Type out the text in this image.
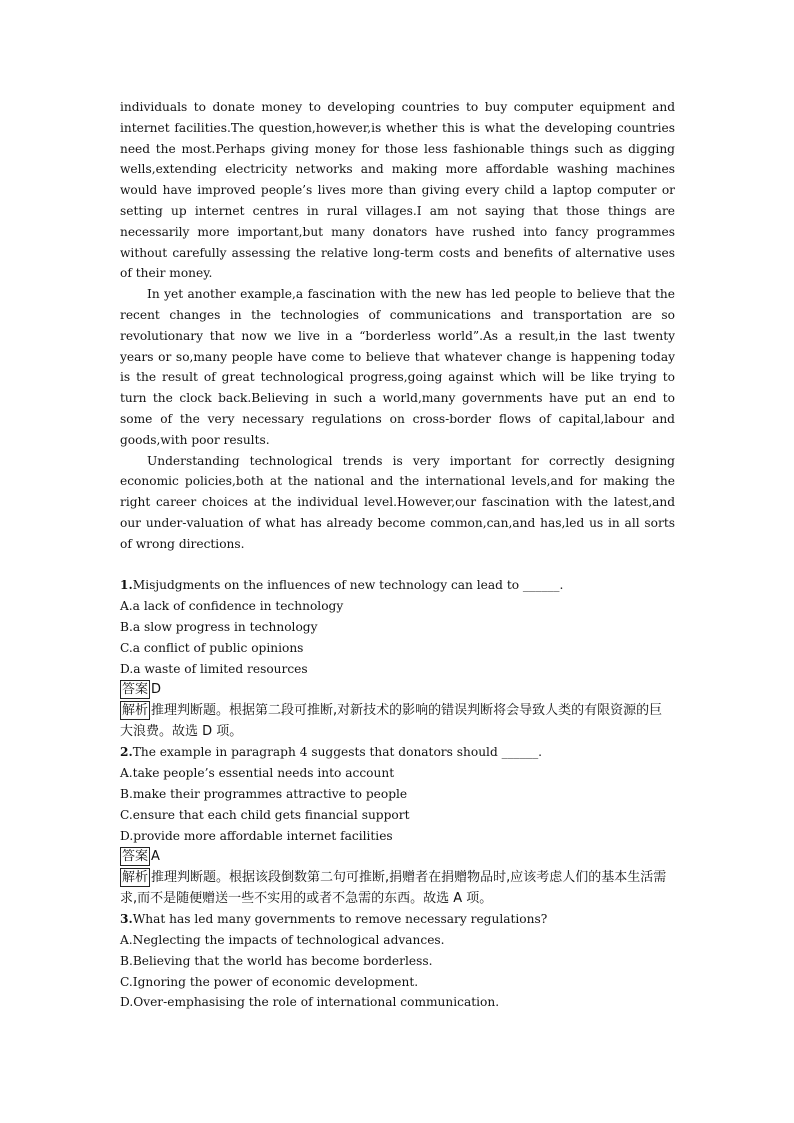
individuals to donate money to developing countries to buy computer equipment and internet facilities.The question,however,is whether this is what the developing countries need the most.Perhaps giving money for those less fashionable things such as digging wells,extending electricity networks and making more affordable washing machines would have improved people’s lives more than giving every child a laptop computer or setting up internet centres in rural villages.I am not saying that those things are necessarily more important,but many donators have rushed into fancy programmes without carefully assessing the relative long-term costs and benefits of alternative uses of their money.

In yet another example,a fascination with the new has led people to believe that the recent changes in the technologies of communications and transportation are so revolutionary that now we live in a “borderless world”.As a result,in the last twenty years or so,many people have come to believe that whatever change is happening today is the result of great technological progress,going against which will be like trying to turn the clock back.Believing in such a world,many governments have put an end to some of the very necessary regulations on cross-border flows of capital,labour and goods,with poor results.

Understanding technological trends is very important for correctly designing economic policies,both at the national and the international levels,and for making the right career choices at the individual level.However,our fascination with the latest,and our under-valuation of what has already become common,can,and has,led us in all sorts of wrong directions.

1.Misjudgments on the influences of new technology can lead to ______.

A.a lack of confidence in technology

B.a slow progress in technology

C.a conflict of public opinions

D.a waste of limited resources

答案 D

解析 推理判断题。根据第二段可推断,对新技术的影响的错误判断将会导致人类的有限资源的巨大浪费。故选 D 项。

2.The example in paragraph 4 suggests that donators should ______.

A.take people’s essential needs into account

B.make their programmes attractive to people

C.ensure that each child gets financial support

D.provide more affordable internet facilities

答案 A

解析 推理判断题。根据该段倒数第二句可推断,捐赠者在捐赠物品时,应该考虑人们的基本生活需求,而不是随便赠送一些不实用的或者不急需的东西。故选 A 项。

3.What has led many governments to remove necessary regulations?

A.Neglecting the impacts of technological advances.

B.Believing that the world has become borderless.

C.Ignoring the power of economic development.

D.Over-emphasising the role of international communication.
